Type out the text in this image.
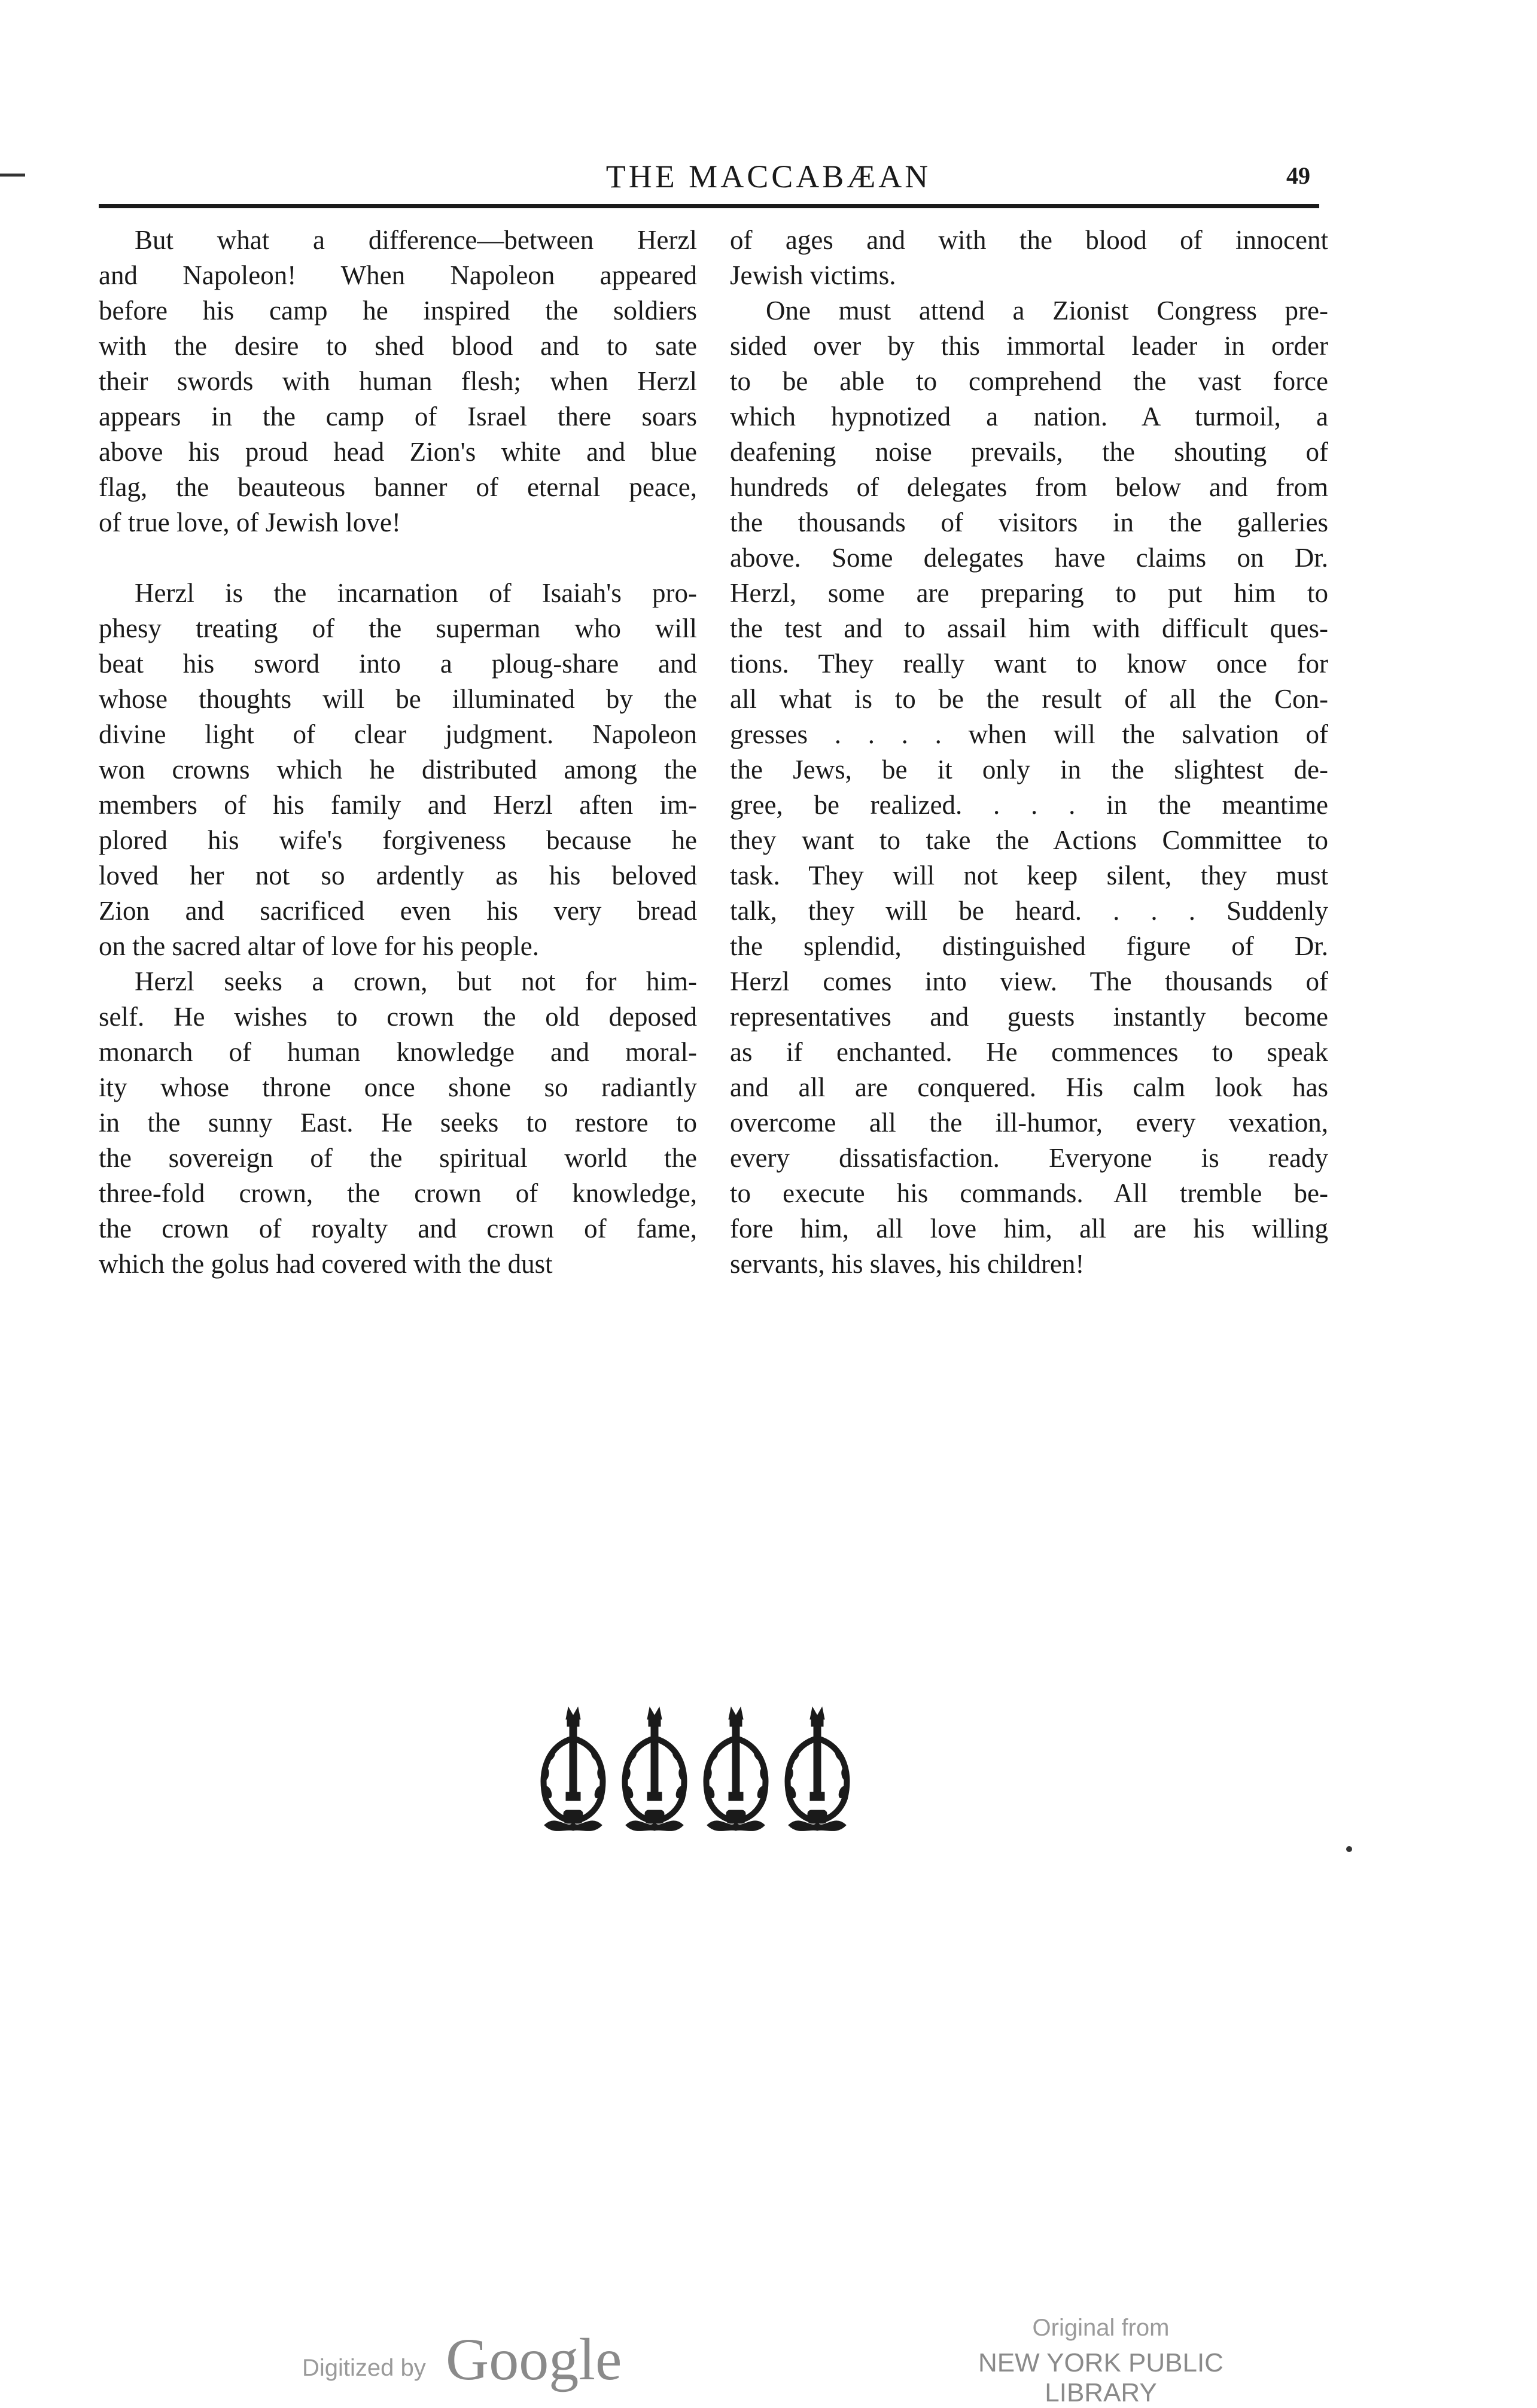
THE MACCABÆAN	49
But what a difference—between Herzl
and Napoleon! When Napoleon appeared
before his camp he inspired the soldiers
with the desire to shed blood and to sate
their swords with human flesh; when Herzl
appears in the camp of Israel there soars
above his proud head Zion's white and blue
flag, the beauteous banner of eternal peace,
of true love, of Jewish love!
Herzl is the incarnation of Isaiah's pro-
phesy treating of the superman who will
beat his sword into a ploug-share and
whose thoughts will be illuminated by the
divine light of clear judgment. Napoleon
won crowns which he distributed among the
members of his family and Herzl aften im-
plored his wife's forgiveness because he
loved her not so ardently as his beloved
Zion and sacrificed even his very bread
on the sacred altar of love for his people.
Herzl seeks a crown, but not for him-
self. He wishes to crown the old deposed
monarch of human knowledge and moral-
ity whose throne once shone so radiantly
in the sunny East. He seeks to restore to
the sovereign of the spiritual world the
three-fold crown, the crown of knowledge,
the crown of royalty and crown of fame,
which the golus had covered with the dust
of ages and with the blood of innocent
Jewish victims.
One must attend a Zionist Congress pre-
sided over by this immortal leader in order
to be able to comprehend the vast force
which hypnotized a nation. A turmoil, a
deafening noise prevails, the shouting of
hundreds of delegates from below and from
the thousands of visitors in the galleries
above. Some delegates have claims on Dr.
Herzl, some are preparing to put him to
the test and to assail him with difficult ques-
tions. They really want to know once for
all what is to be the result of all the Con-
gresses . . . . when will the salvation of
the Jews, be it only in the slightest de-
gree, be realized. . . . in the meantime
they want to take the Actions Committee to
task. They will not keep silent, they must
talk, they will be heard. . . . Suddenly
the splendid, distinguished figure of Dr.
Herzl comes into view. The thousands of
representatives and guests instantly become
as if enchanted. He commences to speak
and all are conquered. His calm look has
overcome all the ill-humor, every vexation,
every dissatisfaction. Everyone is ready
to execute his commands. All tremble be-
fore him, all love him, all are his willing
servants, his slaves, his children!
Digitized by Google	Original from
NEW YORK PUBLIC LIBRARY
